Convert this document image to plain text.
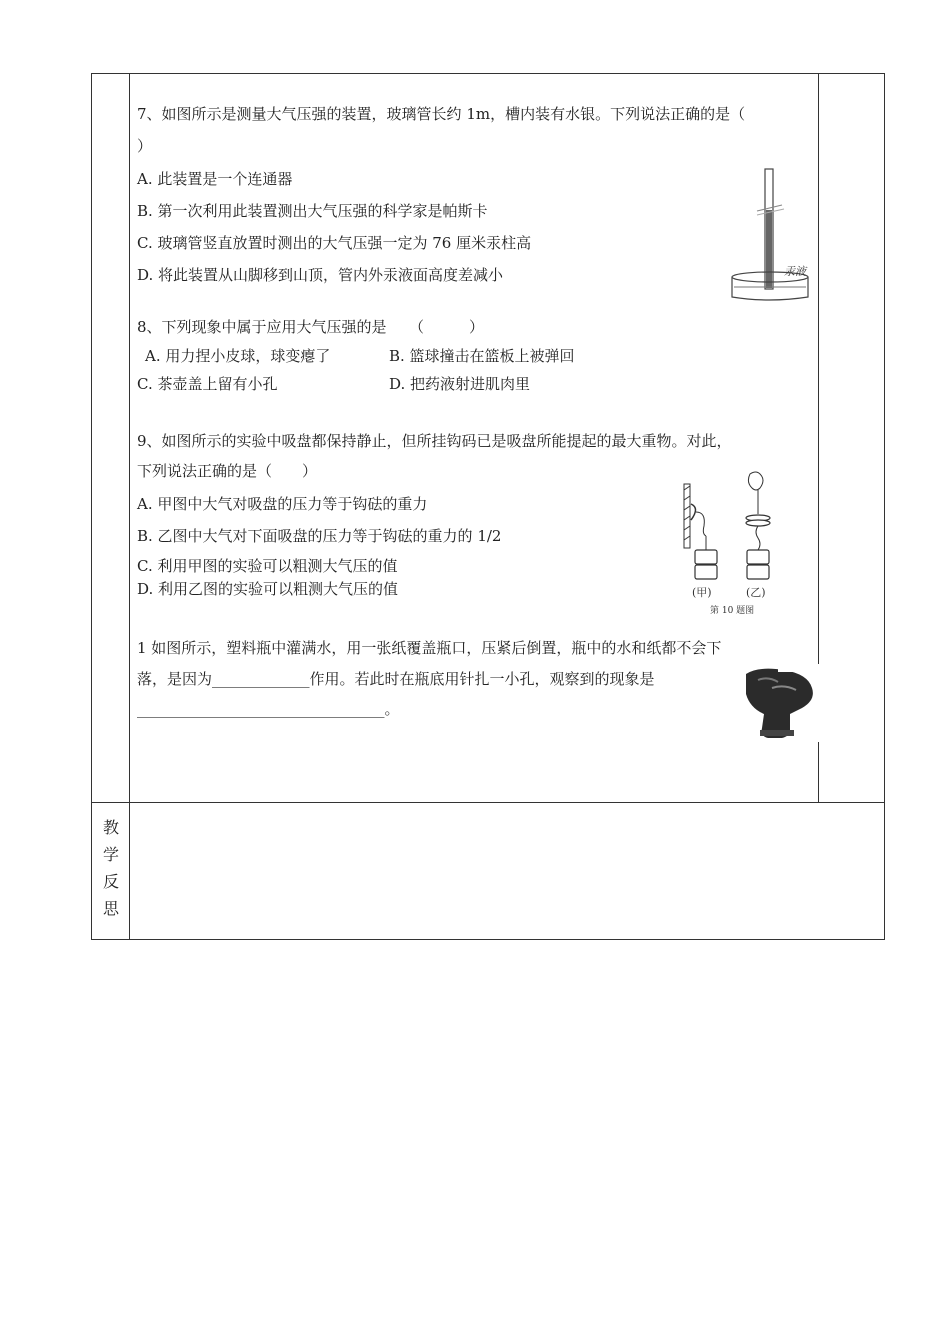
7、如图所示是测量大气压强的装置，玻璃管长约 1m，槽内装有水银。下列说法正确的是（
）
A. 此装置是一个连通器
B. 第一次利用此装置测出大气压强的科学家是帕斯卡
C. 玻璃管竖直放置时测出的大气压强一定为 76 厘米汞柱高
D. 将此装置从山脚移到山顶，管内外汞液面高度差减小	汞液
8、下列现象中属于应用大气压强的是　　（　　　）
A. 用力捏小皮球，球变瘪了	B. 篮球撞击在篮板上被弹回
C. 茶壶盖上留有小孔	D. 把药液射进肌肉里
9、如图所示的实验中吸盘都保持静止，但所挂钩码已是吸盘所能提起的最大重物。对此，
下列说法正确的是（　　）
A. 甲图中大气对吸盘的压力等于钩砝的重力
B. 乙图中大气对下面吸盘的压力等于钩砝的重力的 1/2
C. 利用甲图的实验可以粗测大气压的值
D. 利用乙图的实验可以粗测大气压的值	(甲)	(乙)
第 10 题图
1 如图所示，塑料瓶中灌满水，用一张纸覆盖瓶口，压紧后倒置，瓶中的水和纸都不会下
落，是因为_____________作用。若此时在瓶底用针扎一小孔，观察到的现象是
_________________________________。
教
学
反
思
